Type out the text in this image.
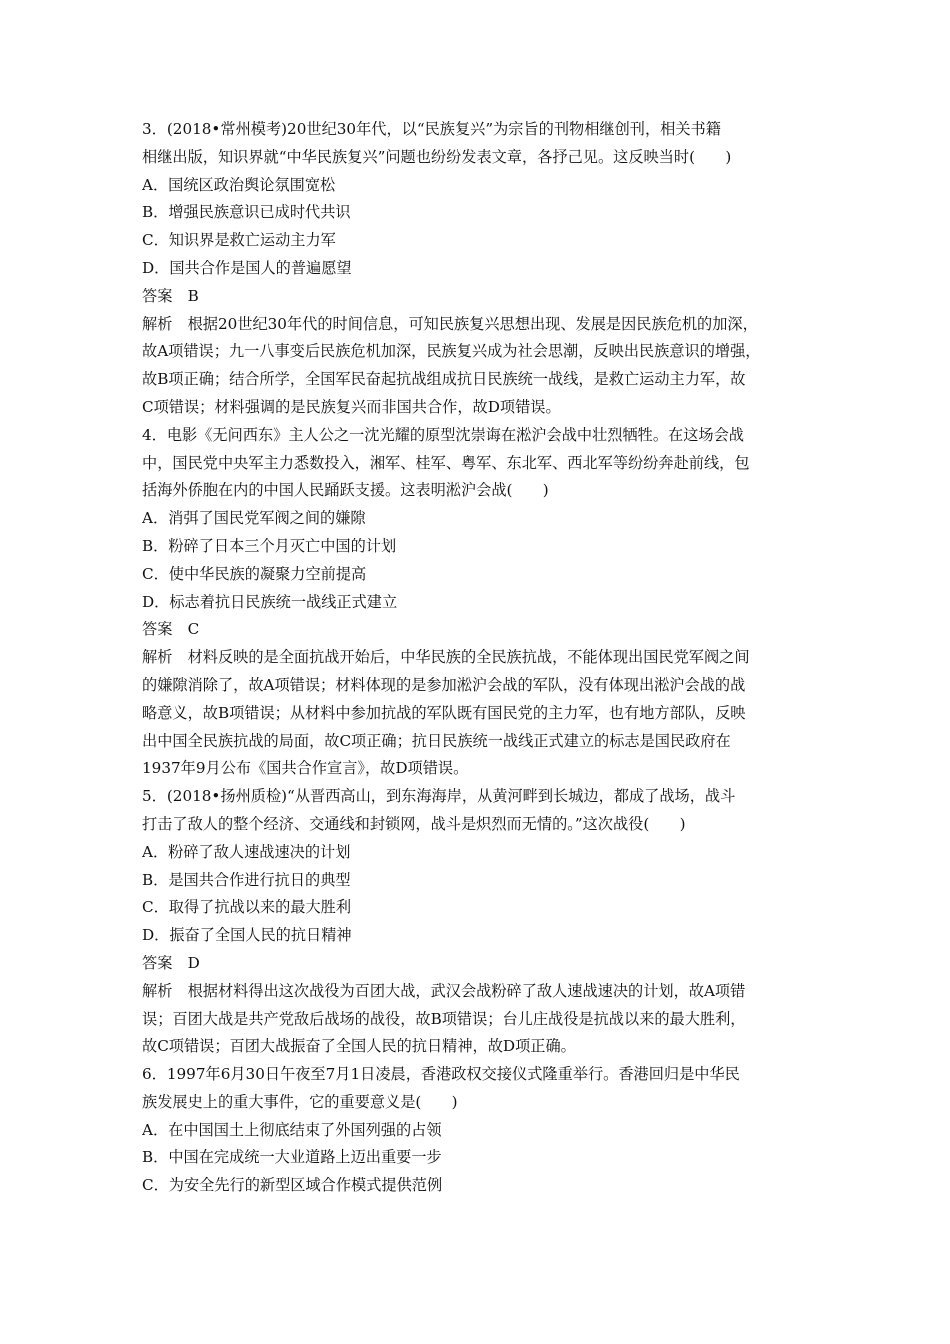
3．(2018•常州模考)20世纪30年代，以“民族复兴”为宗旨的刊物相继创刊，相关书籍
相继出版，知识界就“中华民族复兴”问题也纷纷发表文章，各抒己见。这反映当时(　　)
A．国统区政治舆论氛围宽松
B．增强民族意识已成时代共识
C．知识界是救亡运动主力军
D．国共合作是国人的普遍愿望
答案　B
解析　根据20世纪30年代的时间信息，可知民族复兴思想出现、发展是因民族危机的加深，
故A项错误；九一八事变后民族危机加深，民族复兴成为社会思潮，反映出民族意识的增强，
故B项正确；结合所学，全国军民奋起抗战组成抗日民族统一战线，是救亡运动主力军，故
C项错误；材料强调的是民族复兴而非国共合作，故D项错误。
4．电影《无问西东》主人公之一沈光耀的原型沈崇诲在淞沪会战中壮烈牺牲。在这场会战
中，国民党中央军主力悉数投入，湘军、桂军、粤军、东北军、西北军等纷纷奔赴前线，包
括海外侨胞在内的中国人民踊跃支援。这表明淞沪会战(　　)
A．消弭了国民党军阀之间的嫌隙
B．粉碎了日本三个月灭亡中国的计划
C．使中华民族的凝聚力空前提高
D．标志着抗日民族统一战线正式建立
答案　C
解析　材料反映的是全面抗战开始后，中华民族的全民族抗战，不能体现出国民党军阀之间
的嫌隙消除了，故A项错误；材料体现的是参加淞沪会战的军队，没有体现出淞沪会战的战
略意义，故B项错误；从材料中参加抗战的军队既有国民党的主力军，也有地方部队，反映
出中国全民族抗战的局面，故C项正确；抗日民族统一战线正式建立的标志是国民政府在
1937年9月公布《国共合作宣言》，故D项错误。
5．(2018•扬州质检)“从晋西高山，到东海海岸，从黄河畔到长城边，都成了战场，战斗
打击了敌人的整个经济、交通线和封锁网，战斗是炽烈而无情的。”这次战役(　　)
A．粉碎了敌人速战速决的计划
B．是国共合作进行抗日的典型
C．取得了抗战以来的最大胜利
D．振奋了全国人民的抗日精神
答案　D
解析　根据材料得出这次战役为百团大战，武汉会战粉碎了敌人速战速决的计划，故A项错
误；百团大战是共产党敌后战场的战役，故B项错误；台儿庄战役是抗战以来的最大胜利，
故C项错误；百团大战振奋了全国人民的抗日精神，故D项正确。
6．1997年6月30日午夜至7月1日凌晨，香港政权交接仪式隆重举行。香港回归是中华民
族发展史上的重大事件，它的重要意义是(　　)
A．在中国国土上彻底结束了外国列强的占领
B．中国在完成统一大业道路上迈出重要一步
C．为安全先行的新型区域合作模式提供范例
